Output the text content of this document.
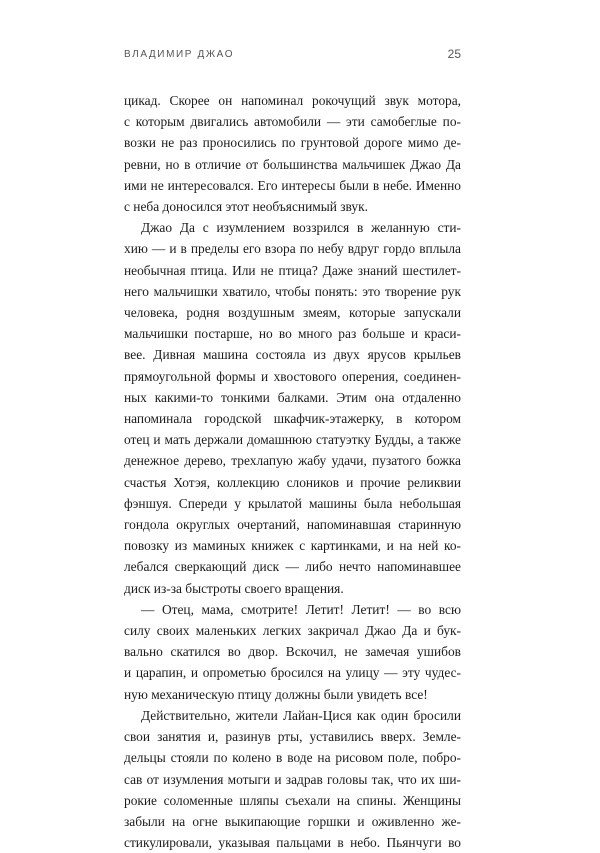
ВЛАДИМИР ДЖАО	25
цикад. Скорее он напоминал рокочущий звук мотора,
с которым двигались автомобили — эти самобеглые по-
возки не раз проносились по грунтовой дороге мимо де-
ревни, но в отличие от большинства мальчишек Джао Да
ими не интересовался. Его интересы были в небе. Именно
с неба доносился этот необъяснимый звук.
Джао Да с изумлением воззрился в желанную сти-
хию — и в пределы его взора по небу вдруг гордо вплыла
необычная птица. Или не птица? Даже знаний шестилет-
него мальчишки хватило, чтобы понять: это творение рук
человека, родня воздушным змеям, которые запускали
мальчишки постарше, но во много раз больше и краси-
вее. Дивная машина состояла из двух ярусов крыльев
прямоугольной формы и хвостового оперения, соединен-
ных какими-то тонкими балками. Этим она отдаленно
напоминала городской шкафчик-этажерку, в котором
отец и мать держали домашнюю статуэтку Будды, а также
денежное дерево, трехлапую жабу удачи, пузатого божка
счастья Хотэя, коллекцию слоников и прочие реликвии
фэншуя. Спереди у крылатой машины была небольшая
гондола округлых очертаний, напоминавшая старинную
повозку из маминых книжек с картинками, и на ней ко-
лебался сверкающий диск — либо нечто напоминавшее
диск из-за быстроты своего вращения.
— Отец, мама, смотрите! Летит! Летит! — во всю
силу своих маленьких легких закричал Джао Да и бук-
вально скатился во двор. Вскочил, не замечая ушибов
и царапин, и опрометью бросился на улицу — эту чудес-
ную механическую птицу должны были увидеть все!
Действительно, жители Лайан-Цися как один бросили
свои занятия и, разинув рты, уставились вверх. Земле-
дельцы стояли по колено в воде на рисовом поле, побро-
сав от изумления мотыги и задрав головы так, что их ши-
рокие соломенные шляпы съехали на спины. Женщины
забыли на огне выкипающие горшки и оживленно же-
стикулировали, указывая пальцами в небо. Пьянчуги во
